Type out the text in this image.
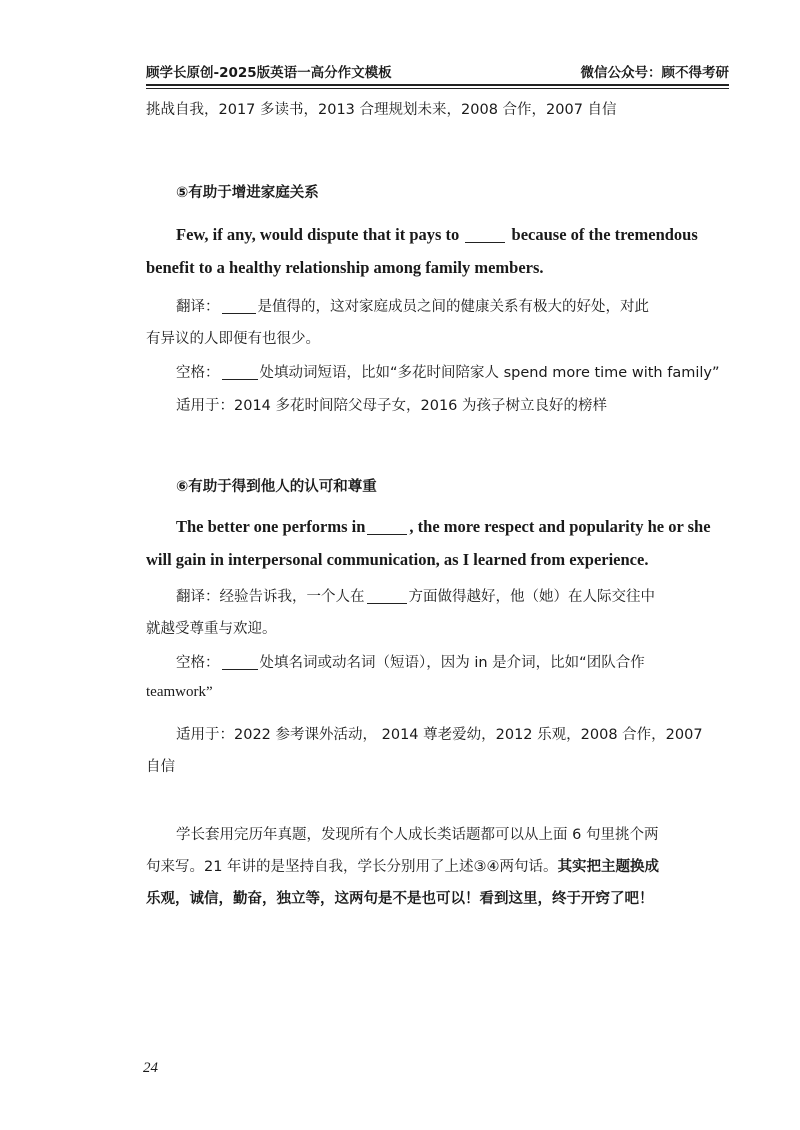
顾学长原创-2025版英语一高分作文模板	微信公众号：顾不得考研
挑战自我，2017 多读书，2013 合理规划未来，2008 合作，2007 自信
⑤有助于增进家庭关系
Few, if any, would dispute that it pays to	because of the tremendous
benefit to a healthy relationship among family members.
翻译：	是值得的，这对家庭成员之间的健康关系有极大的好处，对此
有异议的人即便有也很少。
空格：	处填动词短语，比如“多花时间陪家人 spend more time with family”
适用于：2014 多花时间陪父母子女，2016 为孩子树立良好的榜样
⑥有助于得到他人的认可和尊重
The better one performs in	, the more respect and popularity he or she
will gain in interpersonal communication, as I learned from experience.
翻译：经验告诉我，一个人在	方面做得越好，他（她）在人际交往中
就越受尊重与欢迎。
空格：	处填名词或动名词（短语），因为 in 是介词，比如“团队合作
teamwork”
适用于：2022 参考课外活动， 2014 尊老爱幼，2012 乐观，2008 合作，2007
自信
学长套用完历年真题，发现所有个人成长类话题都可以从上面 6 句里挑个两
句来写。21 年讲的是坚持自我，学长分别用了上述③④两句话。其实把主题换成
乐观，诚信，勤奋，独立等，这两句是不是也可以！看到这里，终于开窍了吧！
24
